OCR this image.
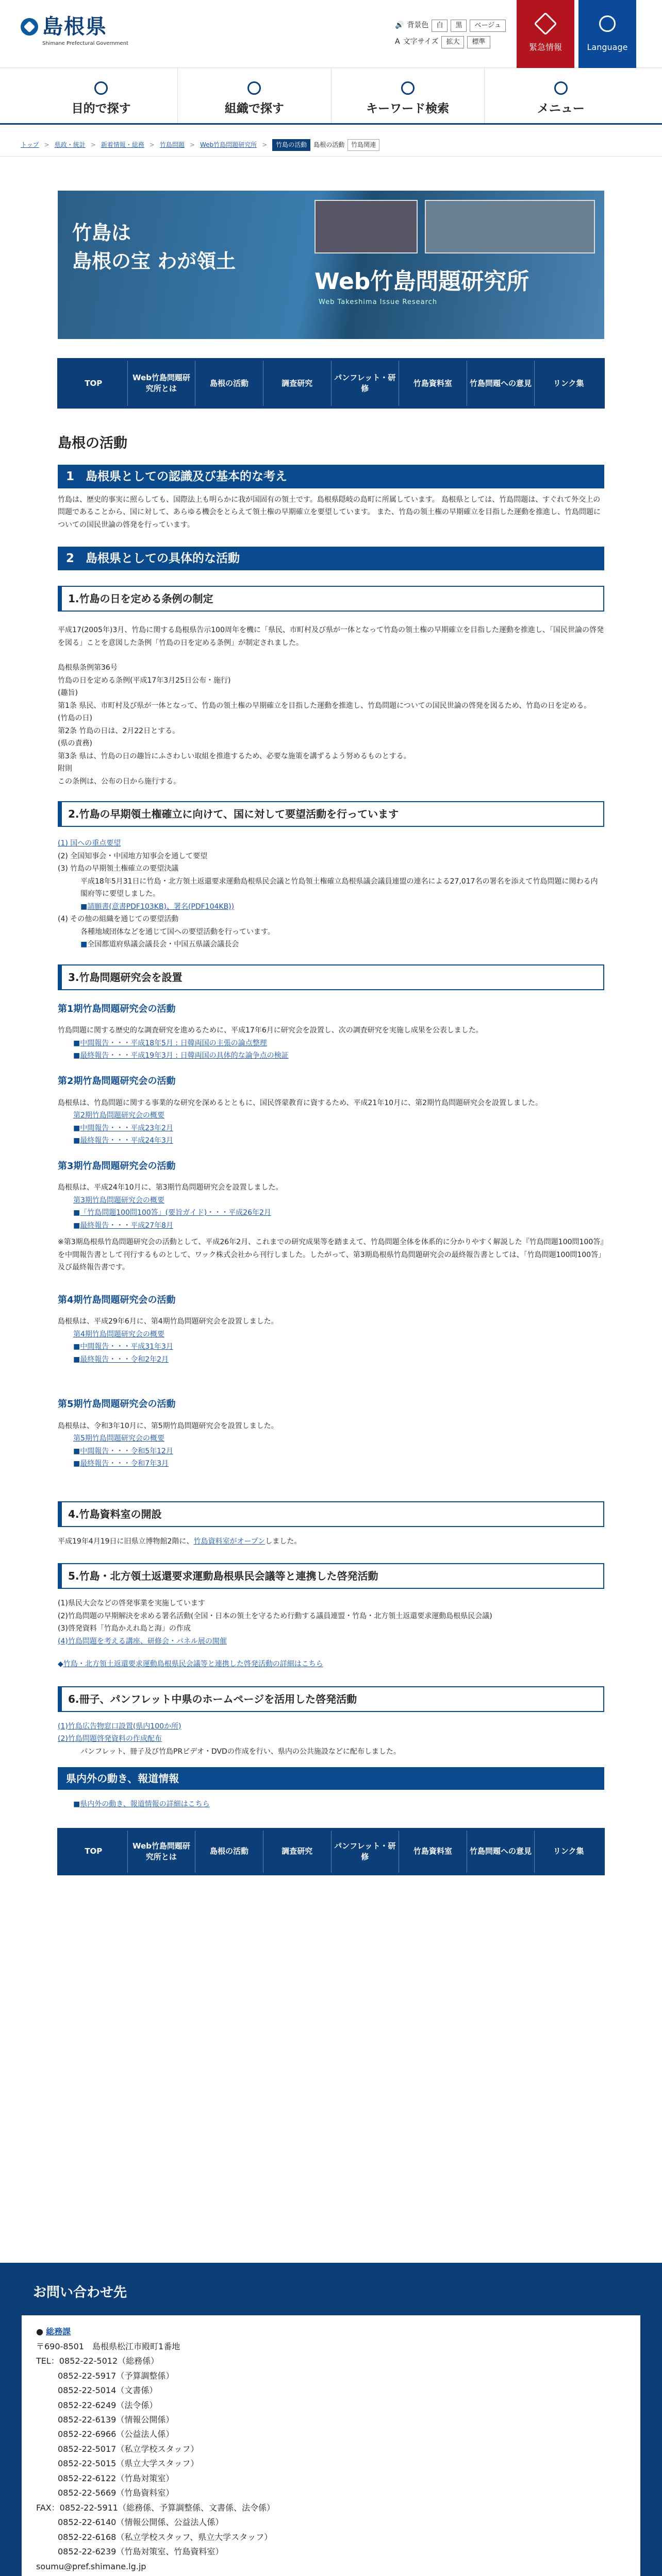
島根県
Shimane Prefectural Government
🔊 背景色	白	黒	ベージュ
A 文字サイズ	拡大	標準
緊急情報	Language
目的で探す	組織で探す	キーワード検索	メニュー
トップ > 県政・統計 > 新着情報・総務 > 竹島問題 > Web竹島問題研究所 >	竹島の活動	島根の活動	竹島関連
竹島は
島根の宝 わが領土
Web竹島問題研究所
Web Takeshima Issue Research
TOP
Web竹島問題研究所とは
島根の活動	調査研究
パンフレット・研修
竹島資料室	竹島問題への意見	リンク集
島根の活動
1 島根県としての認識及び基本的な考え

竹島は、歴史的事実に照らしても、国際法上も明らかに我が国固有の領土です。島根県隠岐の島町に所属しています。 島根県としては、竹島問題は、すぐれて外交上の問題であることから、国に対して、あらゆる機会をとらえて領土権の早期確立を要望しています。 また、竹島の領土権の早期確立を目指した運動を推進し、竹島問題についての国民世論の啓発を行っています。

2 島根県としての具体的な活動
1.竹島の日を定める条例の制定

平成17(2005年)3月、竹島に関する島根県告示100周年を機に「県民、市町村及び県が一体となって竹島の領土権の早期確立を目指した運動を推進し、「国民世論の啓発を図る」ことを意図した条例「竹島の日を定める条例」が制定されました。

島根県条例第36号
竹島の日を定める条例(平成17年3月25日公布・施行)
(趣旨)
第1条 県民、市町村及び県が一体となって、竹島の領土権の早期確立を目指した運動を推進し、竹島問題についての国民世論の啓発を図るため、竹島の日を定める。
(竹島の日)
第2条 竹島の日は、2月22日とする。
(県の責務)
第3条 県は、竹島の日の趣旨にふさわしい取組を推進するため、必要な施策を講ずるよう努めるものとする。
附則
この条例は、公布の日から施行する。
2.竹島の早期領土権確立に向けて、国に対して要望活動を行っています
(1) 国への重点要望
(2) 全国知事会・中国地方知事会を通して要望
(3) 竹島の早期領土権確立の要望決議
平成18年5月31日に竹島・北方領土返還要求運動島根県民会議と竹島領土権確立島根県議会議員連盟の連名による27,017名の署名を添えて竹島問題に関わる内閣府等に要望しました。
■請願書(意書PDF103KB)、署名(PDF104KB))
(4) その他の組織を通じての要望活動
各種地域団体などを通じて国への要望活動を行っています。
■全国都道府県議会議長会・中国五県議会議長会
3.竹島問題研究会を設置
第1期竹島問題研究会の活動

竹島問題に関する歴史的な調査研究を進めるために、平成17年6月に研究会を設置し、次の調査研究を実施し成果を公表しました。

■中間報告・・・平成18年5月 : 日韓両国の主張の論点整理
■最終報告・・・平成19年3月 : 日韓両国の具体的な論争点の検証
第2期竹島問題研究会の活動

島根県は、竹島問題に関する事業的な研究を深めるとともに、国民啓蒙教育に資するため、平成21年10月に、第2期竹島問題研究会を設置しました。

第2期竹島問題研究会の概要
■中間報告・・・平成23年2月
■最終報告・・・平成24年3月
第3期竹島問題研究会の活動

島根県は、平成24年10月に、第3期竹島問題研究会を設置しました。

第3期竹島問題研究会の概要
■「竹島問題100問100答」(要旨ガイド)・・・平成26年2月
■最終報告・・・平成27年8月

※第3期島根県竹島問題研究会の活動として、平成26年2月、これまでの研究成果等を踏まえて、竹島問題全体を体系的に分かりやすく解説した『竹島問題100問100答』を中間報告書として刊行するものとして、ワック株式会社から刊行しました。したがって、第3期島根県竹島問題研究会の最終報告書としては、「竹島問題100問100答」及び最終報告書です。

第4期竹島問題研究会の活動

島根県は、平成29年6月に、第4期竹島問題研究会を設置しました。

第4期竹島問題研究会の概要
■中間報告・・・平成31年3月
■最終報告・・・令和2年2月
第5期竹島問題研究会の活動

島根県は、令和3年10月に、第5期竹島問題研究会を設置しました。

第5期竹島問題研究会の概要
■中間報告・・・令和5年12月
■最終報告・・・令和7年3月
4.竹島資料室の開設

平成19年4月19日に旧県立博物館2階に、竹島資料室がオープンしました。

5.竹島・北方領土返還要求運動島根県民会議等と連携した啓発活動
(1)県民大会などの啓発事業を実施しています
(2)竹島問題の早期解決を求める署名活動(全国・日本の領土を守るため行動する議員連盟・竹島・北方領土返還要求運動島根県民会議)
(3)啓発資料「竹島かえれ島と海」の作成
(4)竹島問題を考える講座、研修会・パネル展の開催
◆竹島・北方領土返還要求運動島根県民会議等と連携した啓発活動の詳細はこちら
6.冊子、パンフレット中県のホームページを活用した啓発活動
(1)竹島広告物窓口設置(県内100か所)
(2)竹島問題啓発資料の作成配布
パンフレット、冊子及び竹島PRビデオ・DVDの作成を行い、県内の公共施設などに配布しました。
県内外の動き、報道情報

■県内外の動き、報道情報の詳細はこちら

TOP
Web竹島問題研究所とは
島根の活動	調査研究
パンフレット・研修
竹島資料室	竹島問題への意見	リンク集
お問い合わせ先
● 総務課
〒690-8501　島根県松江市殿町1番地
TEL：0852-22-5012（総務係）
0852-22-5917（予算調整係）
0852-22-5014（文書係）
0852-22-6249（法令係）
0852-22-6139（情報公開係）
0852-22-6966（公益法人係）
0852-22-5017（私立学校スタッフ）
0852-22-5015（県立大学スタッフ）
0852-22-6122（竹島対策室）
0852-22-5669（竹島資料室）
FAX：0852-22-5911（総務係、予算調整係、文書係、法令係）
0852-22-6140（情報公開係、公益法人係）
0852-22-6168（私立学校スタッフ、県立大学スタッフ）
0852-22-6239（竹島対策室、竹島資料室）
soumu@pref.shimane.lg.jp
